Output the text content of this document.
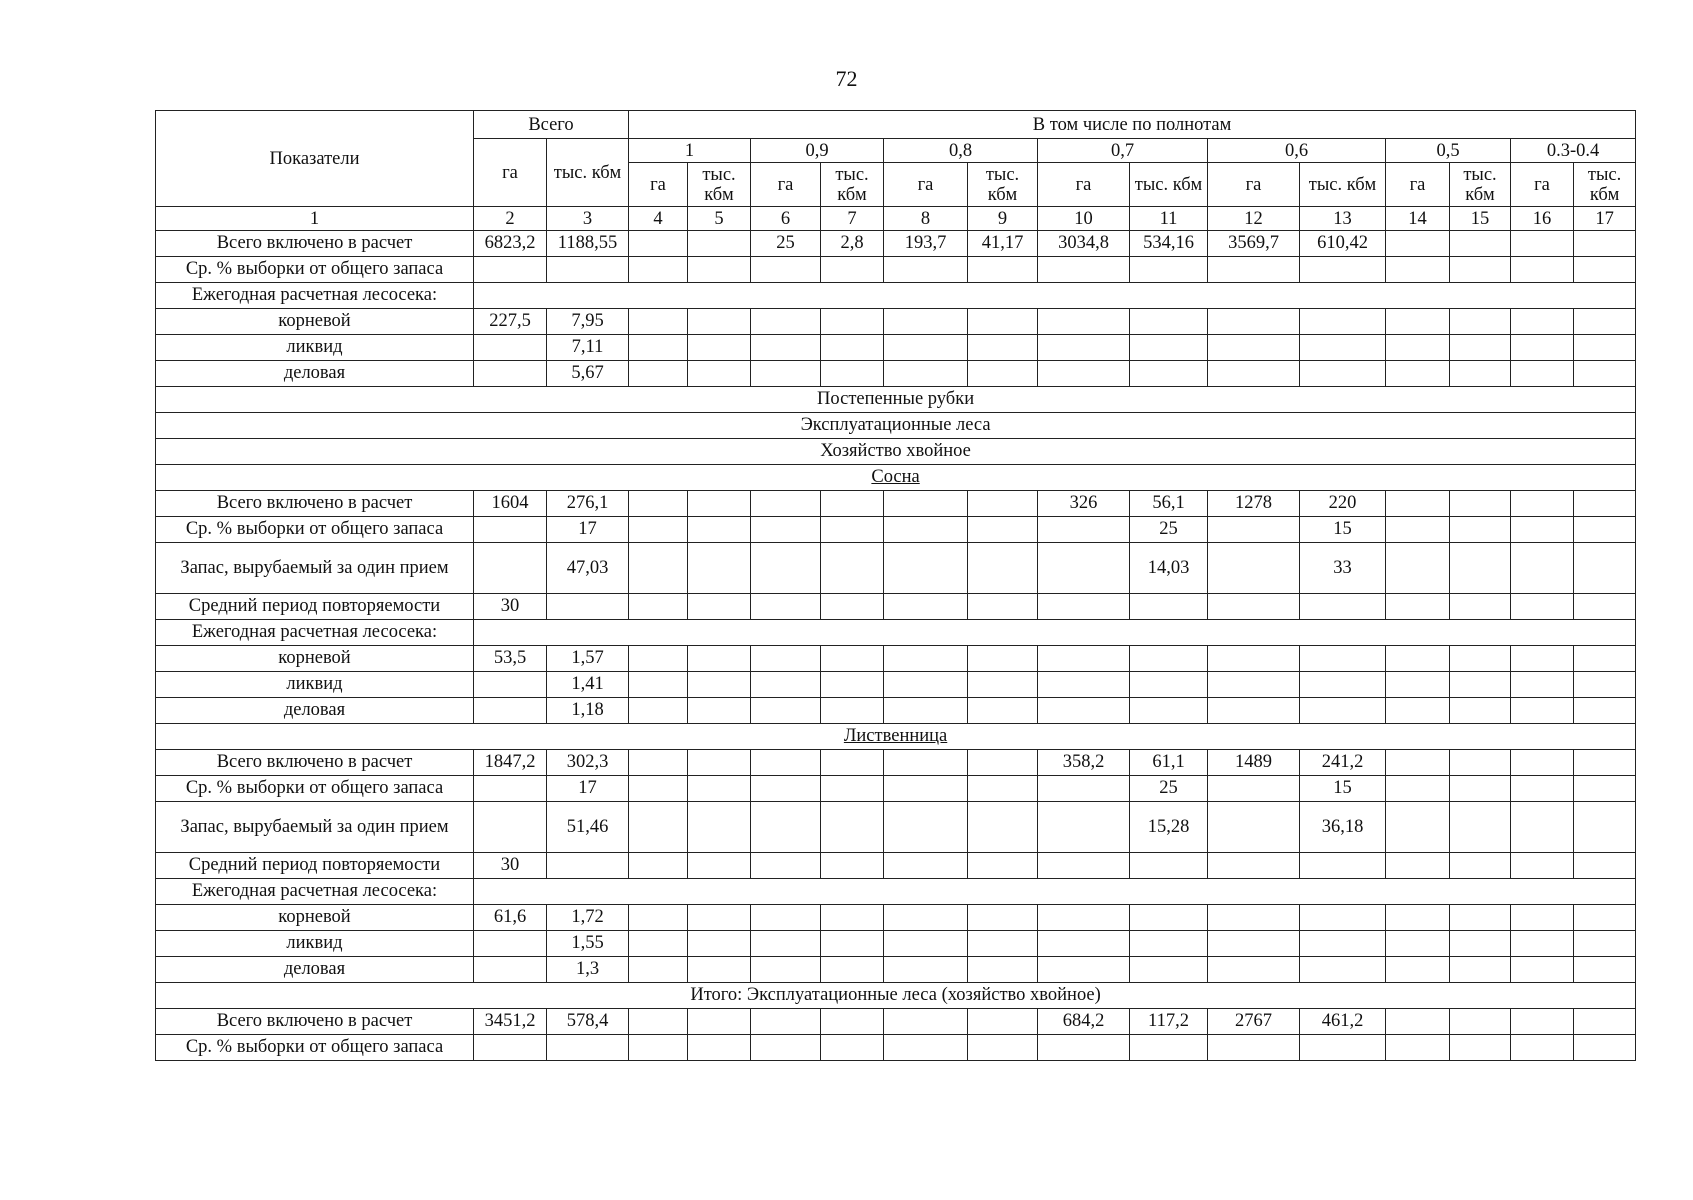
72
Показатели	Всего		В том числе по полнотам													
	га	тыс. кбм	1		0,9		0,8		0,7		0,6		0,5		0.3-0.4	
			га	тыс. кбм	га	тыс. кбм	га	тыс. кбм	га	тыс. кбм	га	тыс. кбм	га	тыс. кбм	га	тыс. кбм
1	2	3	4	5	6	7	8	9	10	11	12	13	14	15	16	17
Всего включено в расчет	6823,2	1188,55			25	2,8	193,7	41,17	3034,8	534,16	3569,7	610,42				
Ср. % выборки от общего запаса																
Ежегодная расчетная лесосека:																
корневой	227,5	7,95														
ликвид		7,11														
деловая		5,67														
Постепенные рубки																
Эксплуатационные леса																
Хозяйство хвойное																
Сосна																
Всего включено в расчет	1604	276,1							326	56,1	1278	220				
Ср. % выборки от общего запаса		17								25		15				
Запас, вырубаемый за один прием		47,03								14,03		33				
Средний период повторяемости	30															
Ежегодная расчетная лесосека:																
корневой	53,5	1,57														
ликвид		1,41														
деловая		1,18														
Лиственница																
Всего включено в расчет	1847,2	302,3							358,2	61,1	1489	241,2				
Ср. % выборки от общего запаса		17								25		15				
Запас, вырубаемый за один прием		51,46								15,28		36,18				
Средний период повторяемости	30															
Ежегодная расчетная лесосека:																
корневой	61,6	1,72														
ликвид		1,55														
деловая		1,3														
Итого: Эксплуатационные леса (хозяйство хвойное)																
Всего включено в расчет	3451,2	578,4							684,2	117,2	2767	461,2				
Ср. % выборки от общего запаса																
